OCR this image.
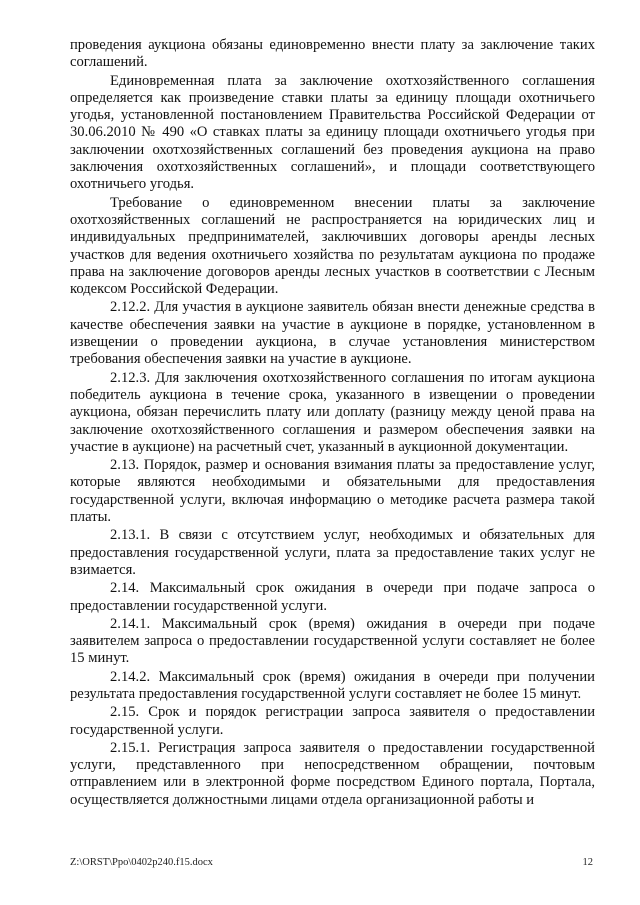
проведения аукциона обязаны единовременно внести плату за заключение таких соглашений.

Единовременная плата за заключение охотхозяйственного соглашения определяется как произведение ставки платы за единицу площади охотничьего угодья, установленной постановлением Правительства Российской Федерации от 30.06.2010 № 490 «О ставках платы за единицу площади охотничьего угодья при заключении охотхозяйственных соглашений без проведения аукциона на право заключения охотхозяйственных соглашений», и площади соответствующего охотничьего угодья.

Требование о единовременном внесении платы за заключение охотхозяйственных соглашений не распространяется на юридических лиц и индивидуальных предпринимателей, заключивших договоры аренды лесных участков для ведения охотничьего хозяйства по результатам аукциона по продаже права на заключение договоров аренды лесных участков в соответствии с Лесным кодексом Российской Федерации.

2.12.2. Для участия в аукционе заявитель обязан внести денежные средства в качестве обеспечения заявки на участие в аукционе в порядке, установленном в извещении о проведении аукциона, в случае установления министерством требования обеспечения заявки на участие в аукционе.

2.12.3. Для заключения охотхозяйственного соглашения по итогам аукциона победитель аукциона в течение срока, указанного в извещении о проведении аукциона, обязан перечислить плату или доплату (разницу между ценой права на заключение охотхозяйственного соглашения и размером обеспечения заявки на участие в аукционе) на расчетный счет, указанный в аукционной документации.

2.13. Порядок, размер и основания взимания платы за предоставление услуг, которые являются необходимыми и обязательными для предоставления государственной услуги, включая информацию о методике расчета размера такой платы.

2.13.1. В связи с отсутствием услуг, необходимых и обязательных для предоставления государственной услуги, плата за предоставление таких услуг не взимается.

2.14. Максимальный срок ожидания в очереди при подаче запроса о предоставлении государственной услуги.

2.14.1. Максимальный срок (время) ожидания в очереди при подаче заявителем запроса о предоставлении государственной услуги составляет не более 15 минут.

2.14.2. Максимальный срок (время) ожидания в очереди при получении результата предоставления государственной услуги составляет не более 15 минут.

2.15. Срок и порядок регистрации запроса заявителя о предоставлении государственной услуги.

2.15.1. Регистрация запроса заявителя о предоставлении государственной услуги, представленного при непосредственном обращении, почтовым отправлением или в электронной форме посредством Единого портала, Портала, осуществляется должностными лицами отдела организационной работы и

Z:\ORST\Ppo\0402p240.f15.docx	12
